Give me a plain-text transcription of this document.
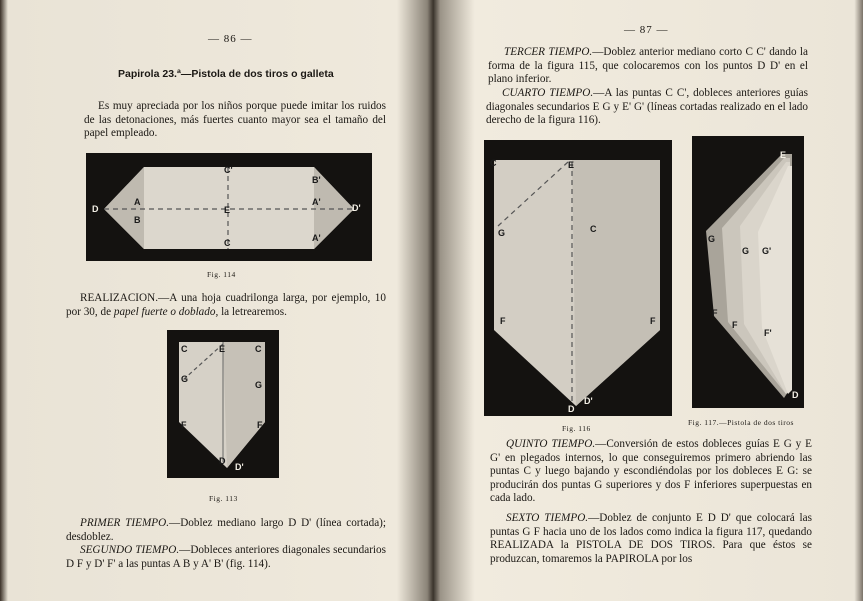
— 86 —
Papirola 23.ª—Pistola de dos tiros o galleta
Es muy apreciada por los niños porque puede imitar los ruidos de las detonaciones, más fuertes cuanto mayor sea el tamaño del papel empleado.
D
A
B
C'
E
C
B'
A'
A'
D'
Fig. 114
REALIZACION.—A una hoja cuadrilonga larga, por ejemplo, 10 por 30, de papel fuerte o doblado, la letrearemos.
C	E	C
G
G
F	F
D
D'
Fig. 113
PRIMER TIEMPO.—Doblez mediano largo D D' (línea cortada); desdoblez.
SEGUNDO TIEMPO.—Dobleces anteriores diagonales secundarios D F y D' F' a las puntas A B y A' B' (fig. 114).
— 87 —
TERCER TIEMPO.—Doblez anterior mediano corto C C' dando la forma de la figura 115, que colocaremos con los puntos D D' en el plano inferior.
CUARTO TIEMPO.—A las puntas C C', dobleces anteriores guías diagonales secundarios E G y E' G' (líneas cortadas realizado en el lado derecho de la figura 116).
C	E
C
G
F	F
D
D'
Fig. 116
E
G
G G'
F
F
F'
D
Fig. 117.—Pistola de dos tiros
QUINTO TIEMPO.—Conversión de estos dobleces guías E G y E G' en plegados internos, lo que conseguiremos primero abriendo las puntas C y luego bajando y escondiéndolas por los dobleces E G: se producirán dos puntas G superiores y dos F inferiores superpuestas en cada lado.
SEXTO TIEMPO.—Doblez de conjunto E D D' que colocará las puntas G F hacia uno de los lados como indica la figura 117, quedando REALIZADA la PISTOLA DE DOS TIROS. Para que éstos se produzcan, tomaremos la PAPIROLA por los
